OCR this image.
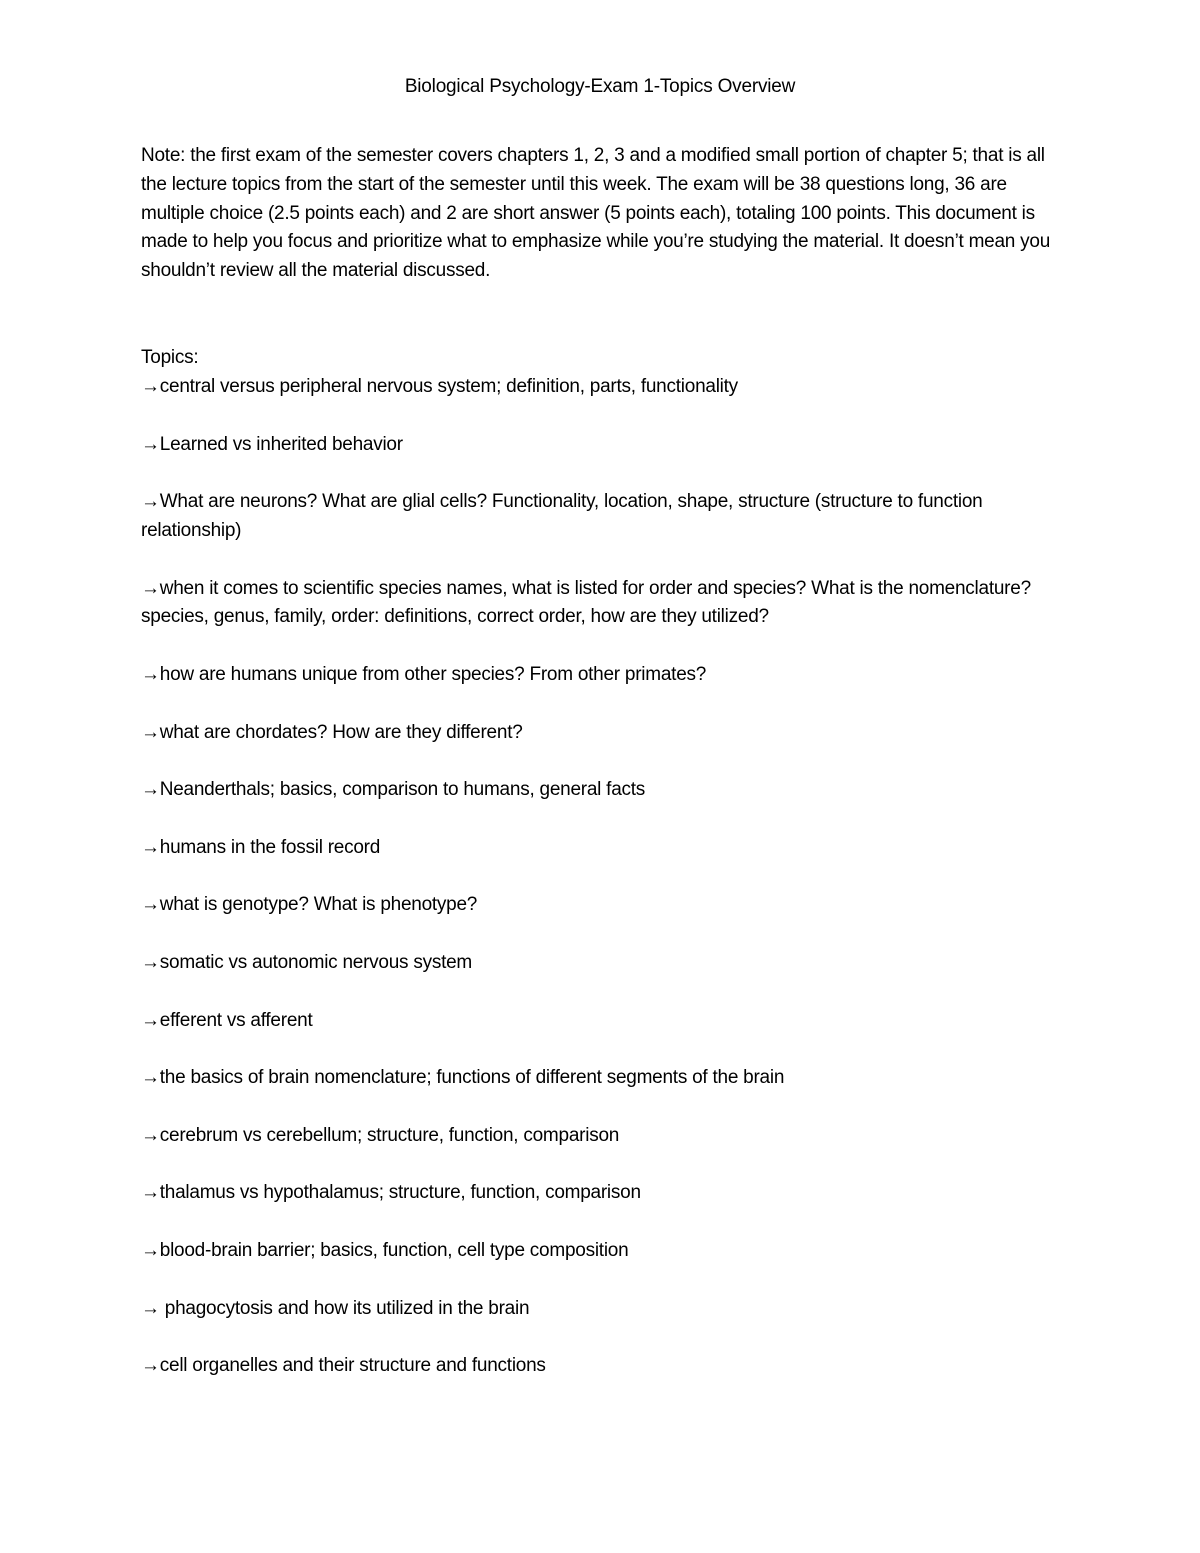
Biological Psychology-Exam 1-Topics Overview
Note: the first exam of the semester covers chapters 1, 2, 3 and a modified small portion of chapter 5; that is all the lecture topics from the start of the semester until this week. The exam will be 38 questions long, 36 are multiple choice (2.5 points each) and 2 are short answer (5 points each), totaling 100 points. This document is made to help you focus and prioritize what to emphasize while you’re studying the material. It doesn’t mean you shouldn’t review all the material discussed.
Topics:
→central versus peripheral nervous system; definition, parts, functionality
→Learned vs inherited behavior
→What are neurons? What are glial cells? Functionality, location, shape, structure (structure to function relationship)
→when it comes to scientific species names, what is listed for order and species? What is the nomenclature? species, genus, family, order: definitions, correct order, how are they utilized?
→how are humans unique from other species? From other primates?
→what are chordates? How are they different?
→Neanderthals; basics, comparison to humans, general facts
→humans in the fossil record
→what is genotype? What is phenotype?
→somatic vs autonomic nervous system
→efferent vs afferent
→the basics of brain nomenclature; functions of different segments of the brain
→cerebrum vs cerebellum; structure, function, comparison
→thalamus vs hypothalamus; structure, function, comparison
→blood-brain barrier; basics, function, cell type composition
→ phagocytosis and how its utilized in the brain
→cell organelles and their structure and functions
